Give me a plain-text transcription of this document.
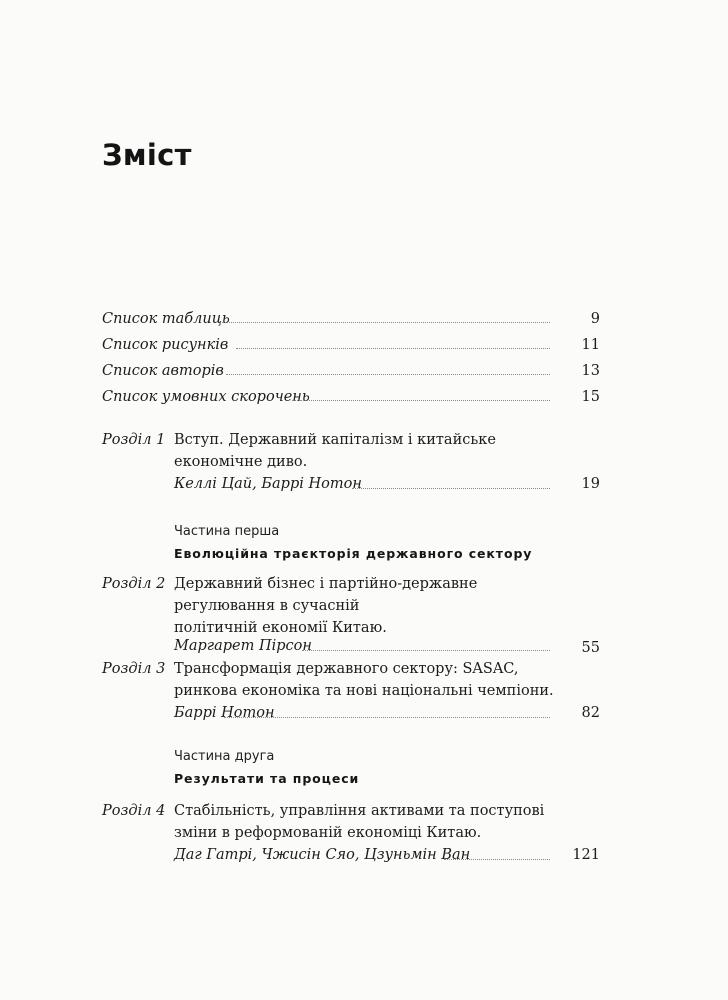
Зміст
Список таблиць	9
Список рисунків	11
Список авторів	13
Список умовних скорочень	15
Розділ 1 Вступ. Державний капіталізм і китайське
економічне диво.
Келлі Цай, Баррі Нотон	19
Частина перша
Еволюційна траєкторія державного сектору
Розділ 2 Державний бізнес і партійно-державне
регулювання в сучасній
політичній економії Китаю.
Маргарет Пірсон	55
Розділ 3 Трансформація державного сектору: SASAC,
ринкова економіка та нові національні чемпіони.
Баррі Нотон	82
Частина друга
Результати та процеси
Розділ 4 Стабільність, управління активами та поступові
зміни в реформованій економіці Китаю.
Даг Гатрі, Чжисін Сяо, Цзуньмін Ван	121
